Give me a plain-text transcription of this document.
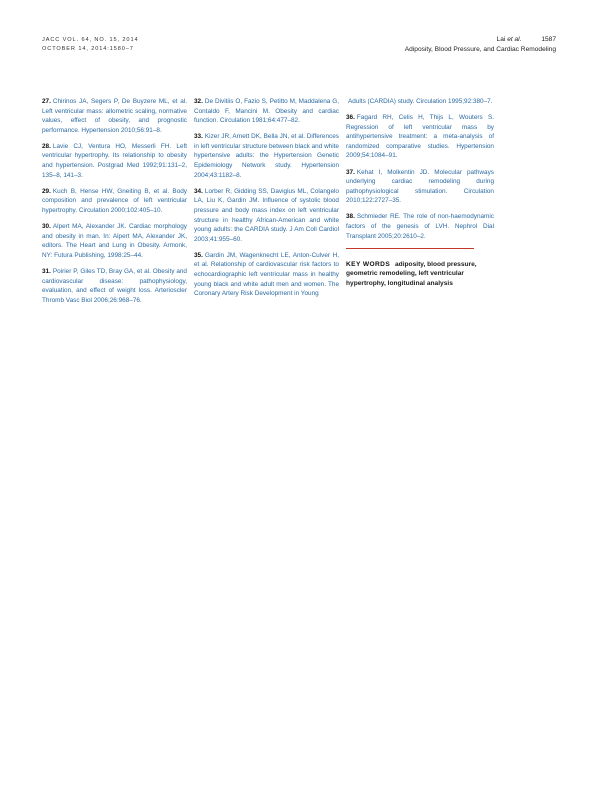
JACC VOL. 64, NO. 15, 2014
OCTOBER 14, 2014:1580–7
Lai et al.	1587
Adiposity, Blood Pressure, and Cardiac Remodeling

27. Chirinos JA, Segers P, De Buyzere ML, et al. Left ventricular mass: allometric scaling, normative values, effect of obesity, and prognostic performance. Hypertension 2010;56:91–8.

28. Lavie CJ, Ventura HO, Messerli FH. Left ventricular hypertrophy. Its relationship to obesity and hypertension. Postgrad Med 1992;91:131–2, 135–8, 141–3.

29. Kuch B, Hense HW, Gneiting B, et al. Body composition and prevalence of left ventricular hypertrophy. Circulation 2000;102:405–10.

30. Alpert MA, Alexander JK. Cardiac morphology and obesity in man. In: Alpert MA, Alexander JK, editors. The Heart and Lung in Obesity. Armonk, NY: Futura Publishing, 1998:25–44.

31. Poirier P, Giles TD, Bray GA, et al. Obesity and cardiovascular disease: pathophysiology, evaluation, and effect of weight loss. Arterioscler Thromb Vasc Biol 2006;26:968–76.

32. De Divitiis O, Fazio S, Petitto M, Maddalena G, Contaldo F, Mancini M. Obesity and cardiac function. Circulation 1981;64:477–82.

33. Kizer JR, Arnett DK, Bella JN, et al. Differences in left ventricular structure between black and white hypertensive adults: the Hypertension Genetic Epidemiology Network study. Hypertension 2004;43:1182–8.

34. Lorber R, Gidding SS, Daviglus ML, Colangelo LA, Liu K, Gardin JM. Influence of systolic blood pressure and body mass index on left ventricular structure in healthy African-American and white young adults: the CARDIA study. J Am Coll Cardiol 2003;41:955–60.

35. Gardin JM, Wagenknecht LE, Anton-Culver H, et al. Relationship of cardiovascular risk factors to echocardiographic left ventricular mass in healthy young black and white adult men and women. The Coronary Artery Risk Development in Young

Adults (CARDIA) study. Circulation 1995;92:380–7.

36. Fagard RH, Celis H, Thijs L, Wouters S. Regression of left ventricular mass by antihypertensive treatment: a meta-analysis of randomized comparative studies. Hypertension 2009;54:1084–91.

37. Kehat I, Molkentin JD. Molecular pathways underlying cardiac remodeling during pathophysiological stimulation. Circulation 2010;122:2727–35.

38. Schmieder RE. The role of non-haemodynamic factors of the genesis of LVH. Nephrol Dial Transplant 2005;20:2610–2.

KEY WORDS adiposity, blood pressure, geometric remodeling, left ventricular hypertrophy, longitudinal analysis
